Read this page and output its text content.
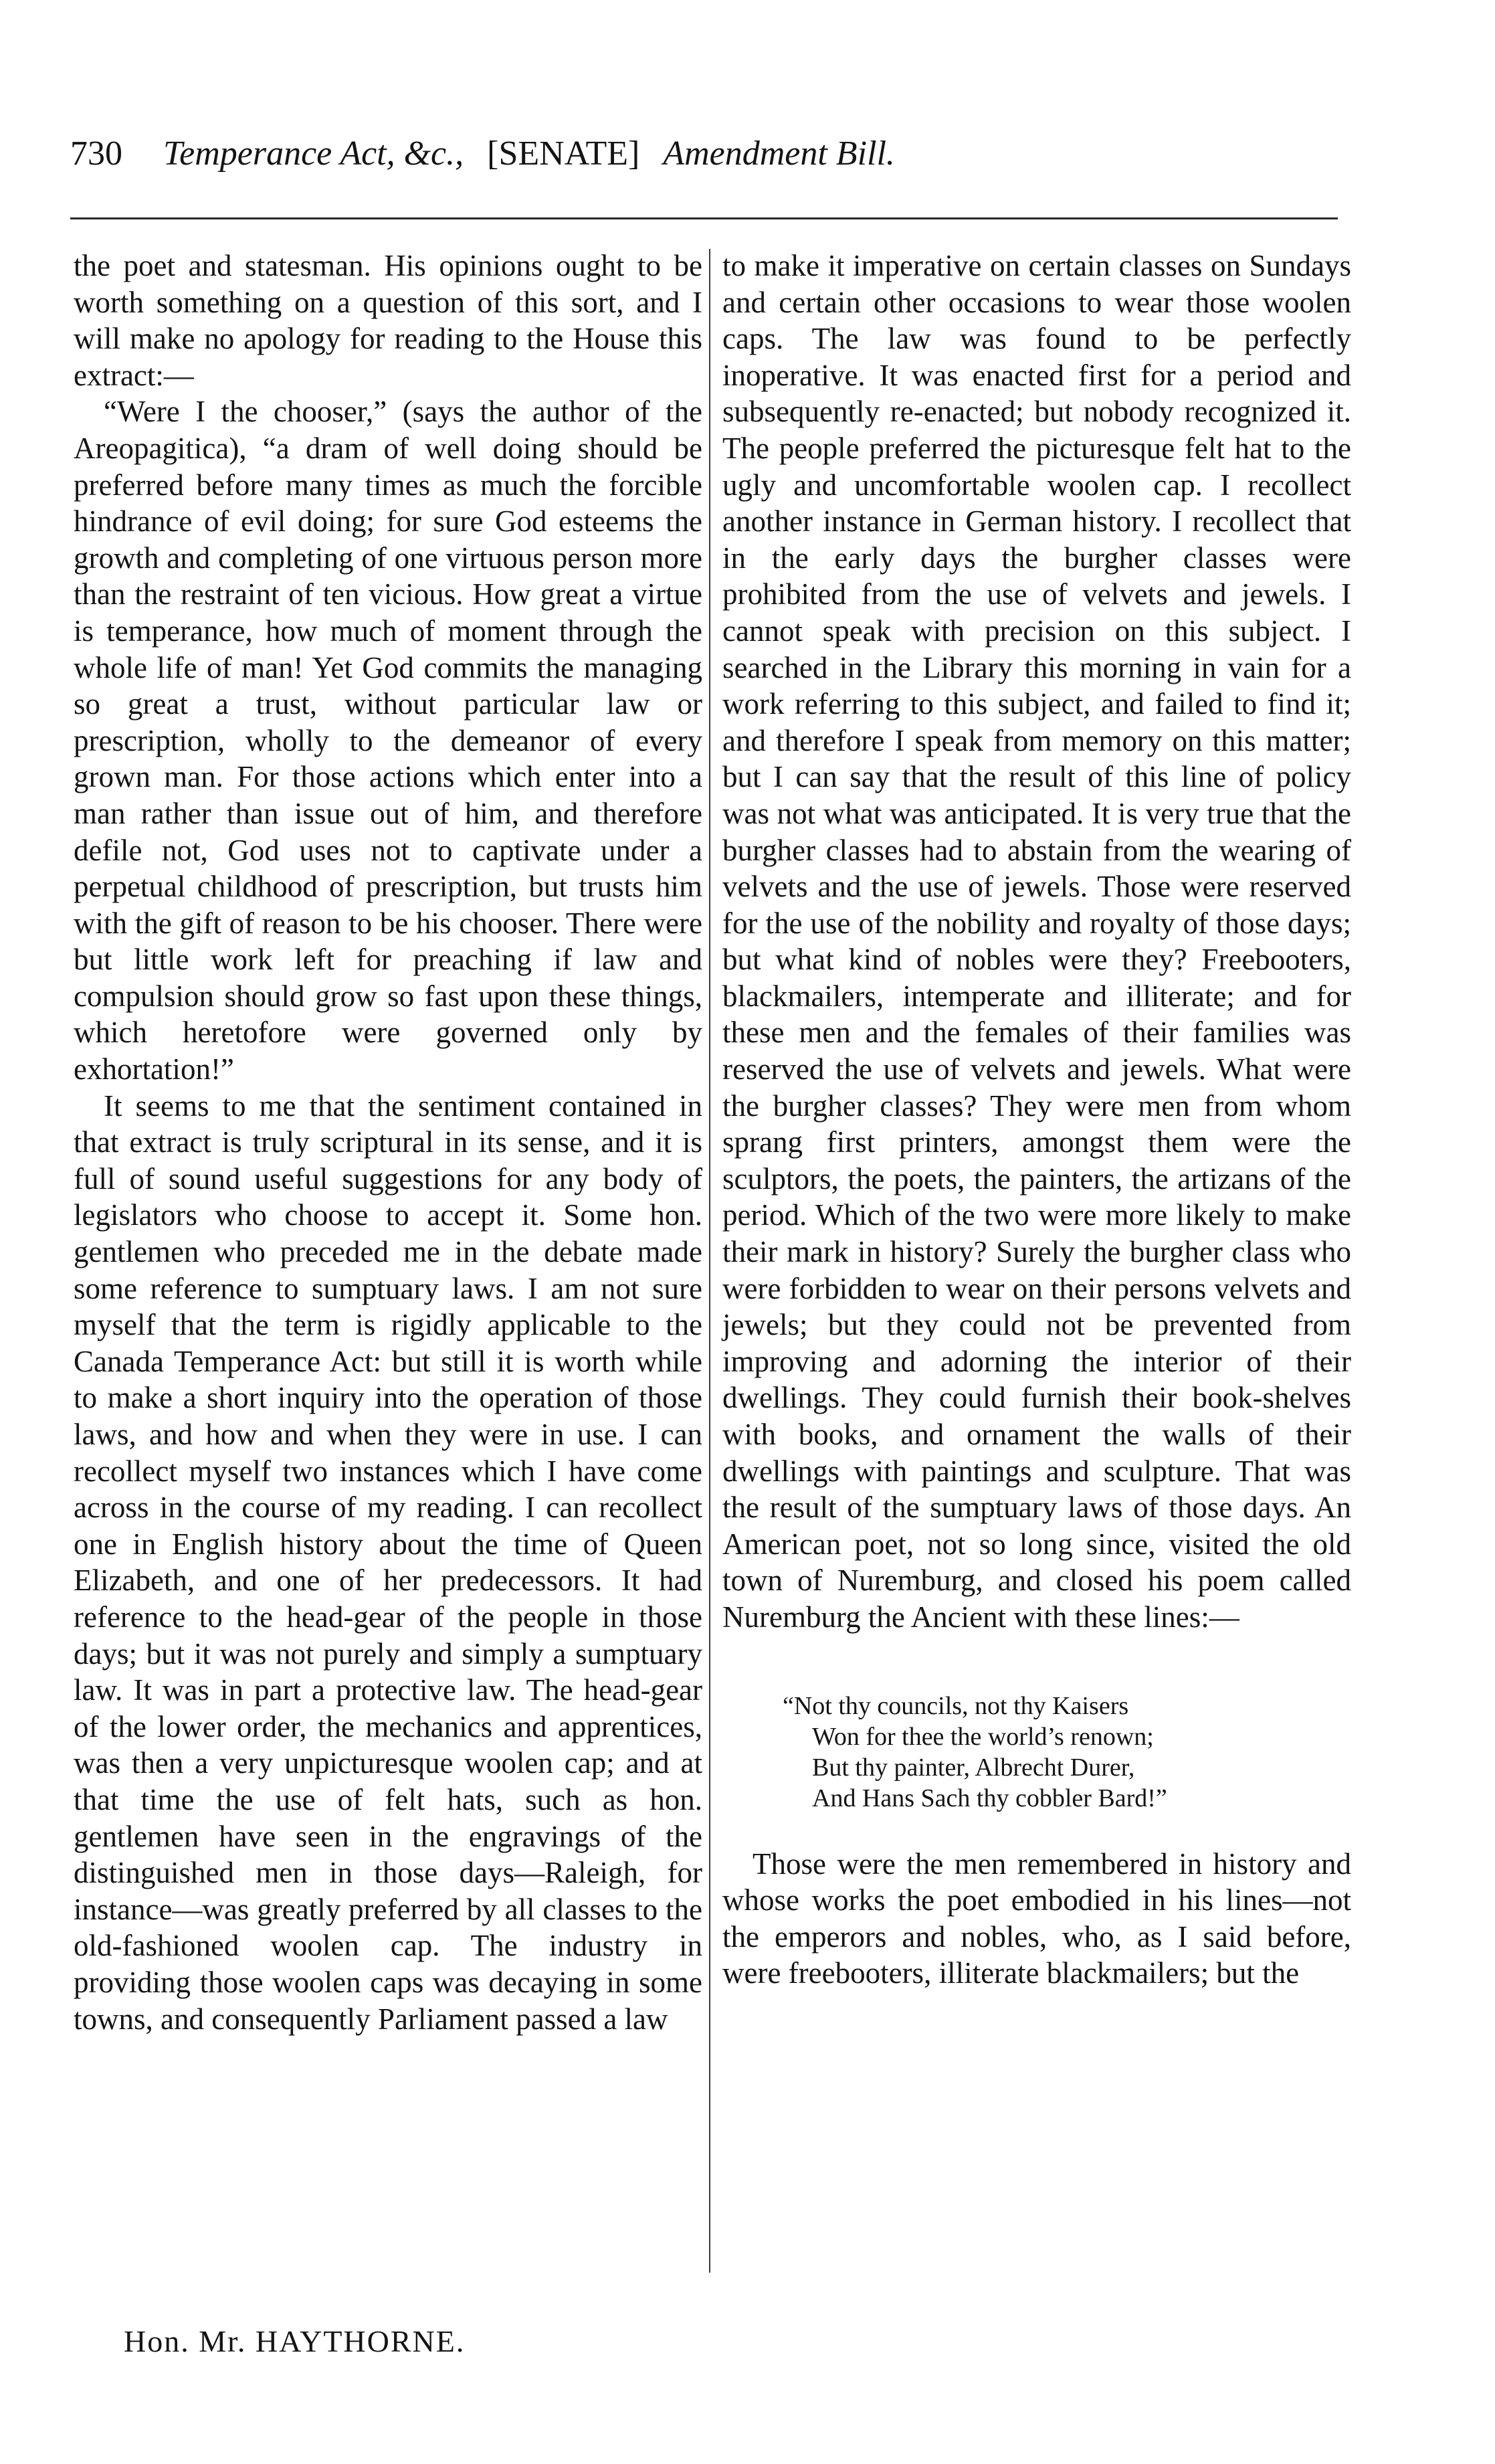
730 Temperance Act, &c., [SENATE] Amendment Bill.

the poet and statesman. His opinions ought to be worth something on a question of this sort, and I will make no apology for reading to the House this extract:—

“Were I the chooser,” (says the author of the Areopagitica), “a dram of well doing should be preferred before many times as much the forcible hindrance of evil doing; for sure God esteems the growth and completing of one virtuous person more than the restraint of ten vicious. How great a virtue is temperance, how much of moment through the whole life of man! Yet God commits the managing so great a trust, without particular law or prescription, wholly to the demeanor of every grown man. For those actions which enter into a man rather than issue out of him, and therefore defile not, God uses not to captivate under a perpetual childhood of prescription, but trusts him with the gift of reason to be his chooser. There were but little work left for preaching if law and compulsion should grow so fast upon these things, which heretofore were governed only by exhortation!”

It seems to me that the sentiment contained in that extract is truly scriptural in its sense, and it is full of sound useful suggestions for any body of legislators who choose to accept it. Some hon. gentlemen who preceded me in the debate made some reference to sumptuary laws. I am not sure myself that the term is rigidly applicable to the Canada Temperance Act: but still it is worth while to make a short inquiry into the operation of those laws, and how and when they were in use. I can recollect myself two instances which I have come across in the course of my reading. I can recollect one in English history about the time of Queen Elizabeth, and one of her predecessors. It had reference to the head-gear of the people in those days; but it was not purely and simply a sumptuary law. It was in part a protective law. The head-gear of the lower order, the mechanics and apprentices, was then a very unpicturesque woolen cap; and at that time the use of felt hats, such as hon. gentlemen have seen in the engravings of the distinguished men in those days—Raleigh, for instance—was greatly preferred by all classes to the old-fashioned woolen cap. The industry in providing those woolen caps was decaying in some towns, and consequently Parliament passed a law

to make it imperative on certain classes on Sundays and certain other occasions to wear those woolen caps. The law was found to be perfectly inoperative. It was enacted first for a period and subsequently re-enacted; but nobody recognized it. The people preferred the picturesque felt hat to the ugly and uncomfortable woolen cap. I recollect another instance in German history. I recollect that in the early days the burgher classes were prohibited from the use of velvets and jewels. I cannot speak with precision on this subject. I searched in the Library this morning in vain for a work referring to this subject, and failed to find it; and therefore I speak from memory on this matter; but I can say that the result of this line of policy was not what was anticipated. It is very true that the burgher classes had to abstain from the wearing of velvets and the use of jewels. Those were reserved for the use of the nobility and royalty of those days; but what kind of nobles were they? Freebooters, blackmailers, intemperate and illiterate; and for these men and the females of their families was reserved the use of velvets and jewels. What were the burgher classes? They were men from whom sprang first printers, amongst them were the sculptors, the poets, the painters, the artizans of the period. Which of the two were more likely to make their mark in history? Surely the burgher class who were forbidden to wear on their persons velvets and jewels; but they could not be prevented from improving and adorning the interior of their dwellings. They could furnish their book-shelves with books, and ornament the walls of their dwellings with paintings and sculpture. That was the result of the sumptuary laws of those days. An American poet, not so long since, visited the old town of Nuremburg, and closed his poem called Nuremburg the Ancient with these lines:—

“Not thy councils, not thy Kaisers
Won for thee the world’s renown;
But thy painter, Albrecht Durer,
And Hans Sach thy cobbler Bard!”

Those were the men remembered in history and whose works the poet embodied in his lines—not the emperors and nobles, who, as I said before, were freebooters, illiterate blackmailers; but the

Hon. Mr. HAYTHORNE.
